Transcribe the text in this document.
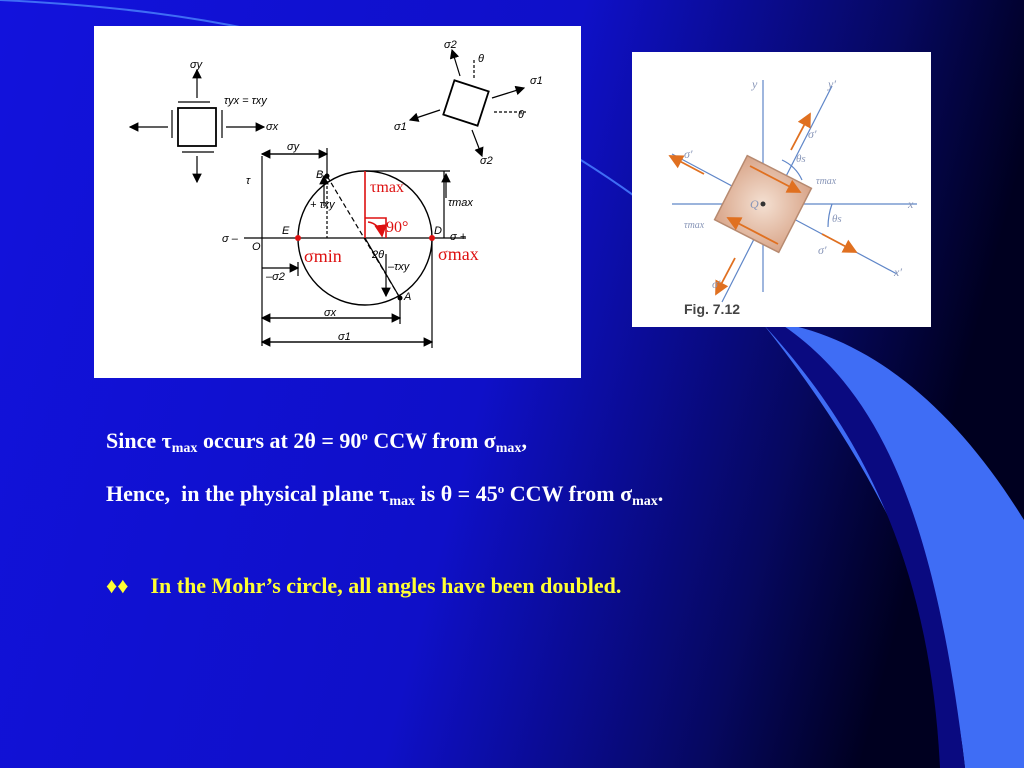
σy
τyx = τxy
σx
σ2
θ
σ1
θ
σ1
σ2
σy
τ
τmax
σ –	σ +
O
E	D
B
A
+ τxy
–τxy
2θ
–σ2
σx
σ1
τmax
90°
σmin	σmax
y	y′
x
x′
Q
σ′
σ′
σ′
σ′
τmax
τmax
θs
θs
Fig. 7.12
Since $\tau_{max}$ occurs at $2\theta = 90^o$ CCW from $\sigma_{max}$,
Hence,  in the physical plane $\tau_{max}$ is $\theta = 45^o$ CCW from $\sigma_{max}$.
♦♦ In the Mohr’s circle, all angles have been doubled.
